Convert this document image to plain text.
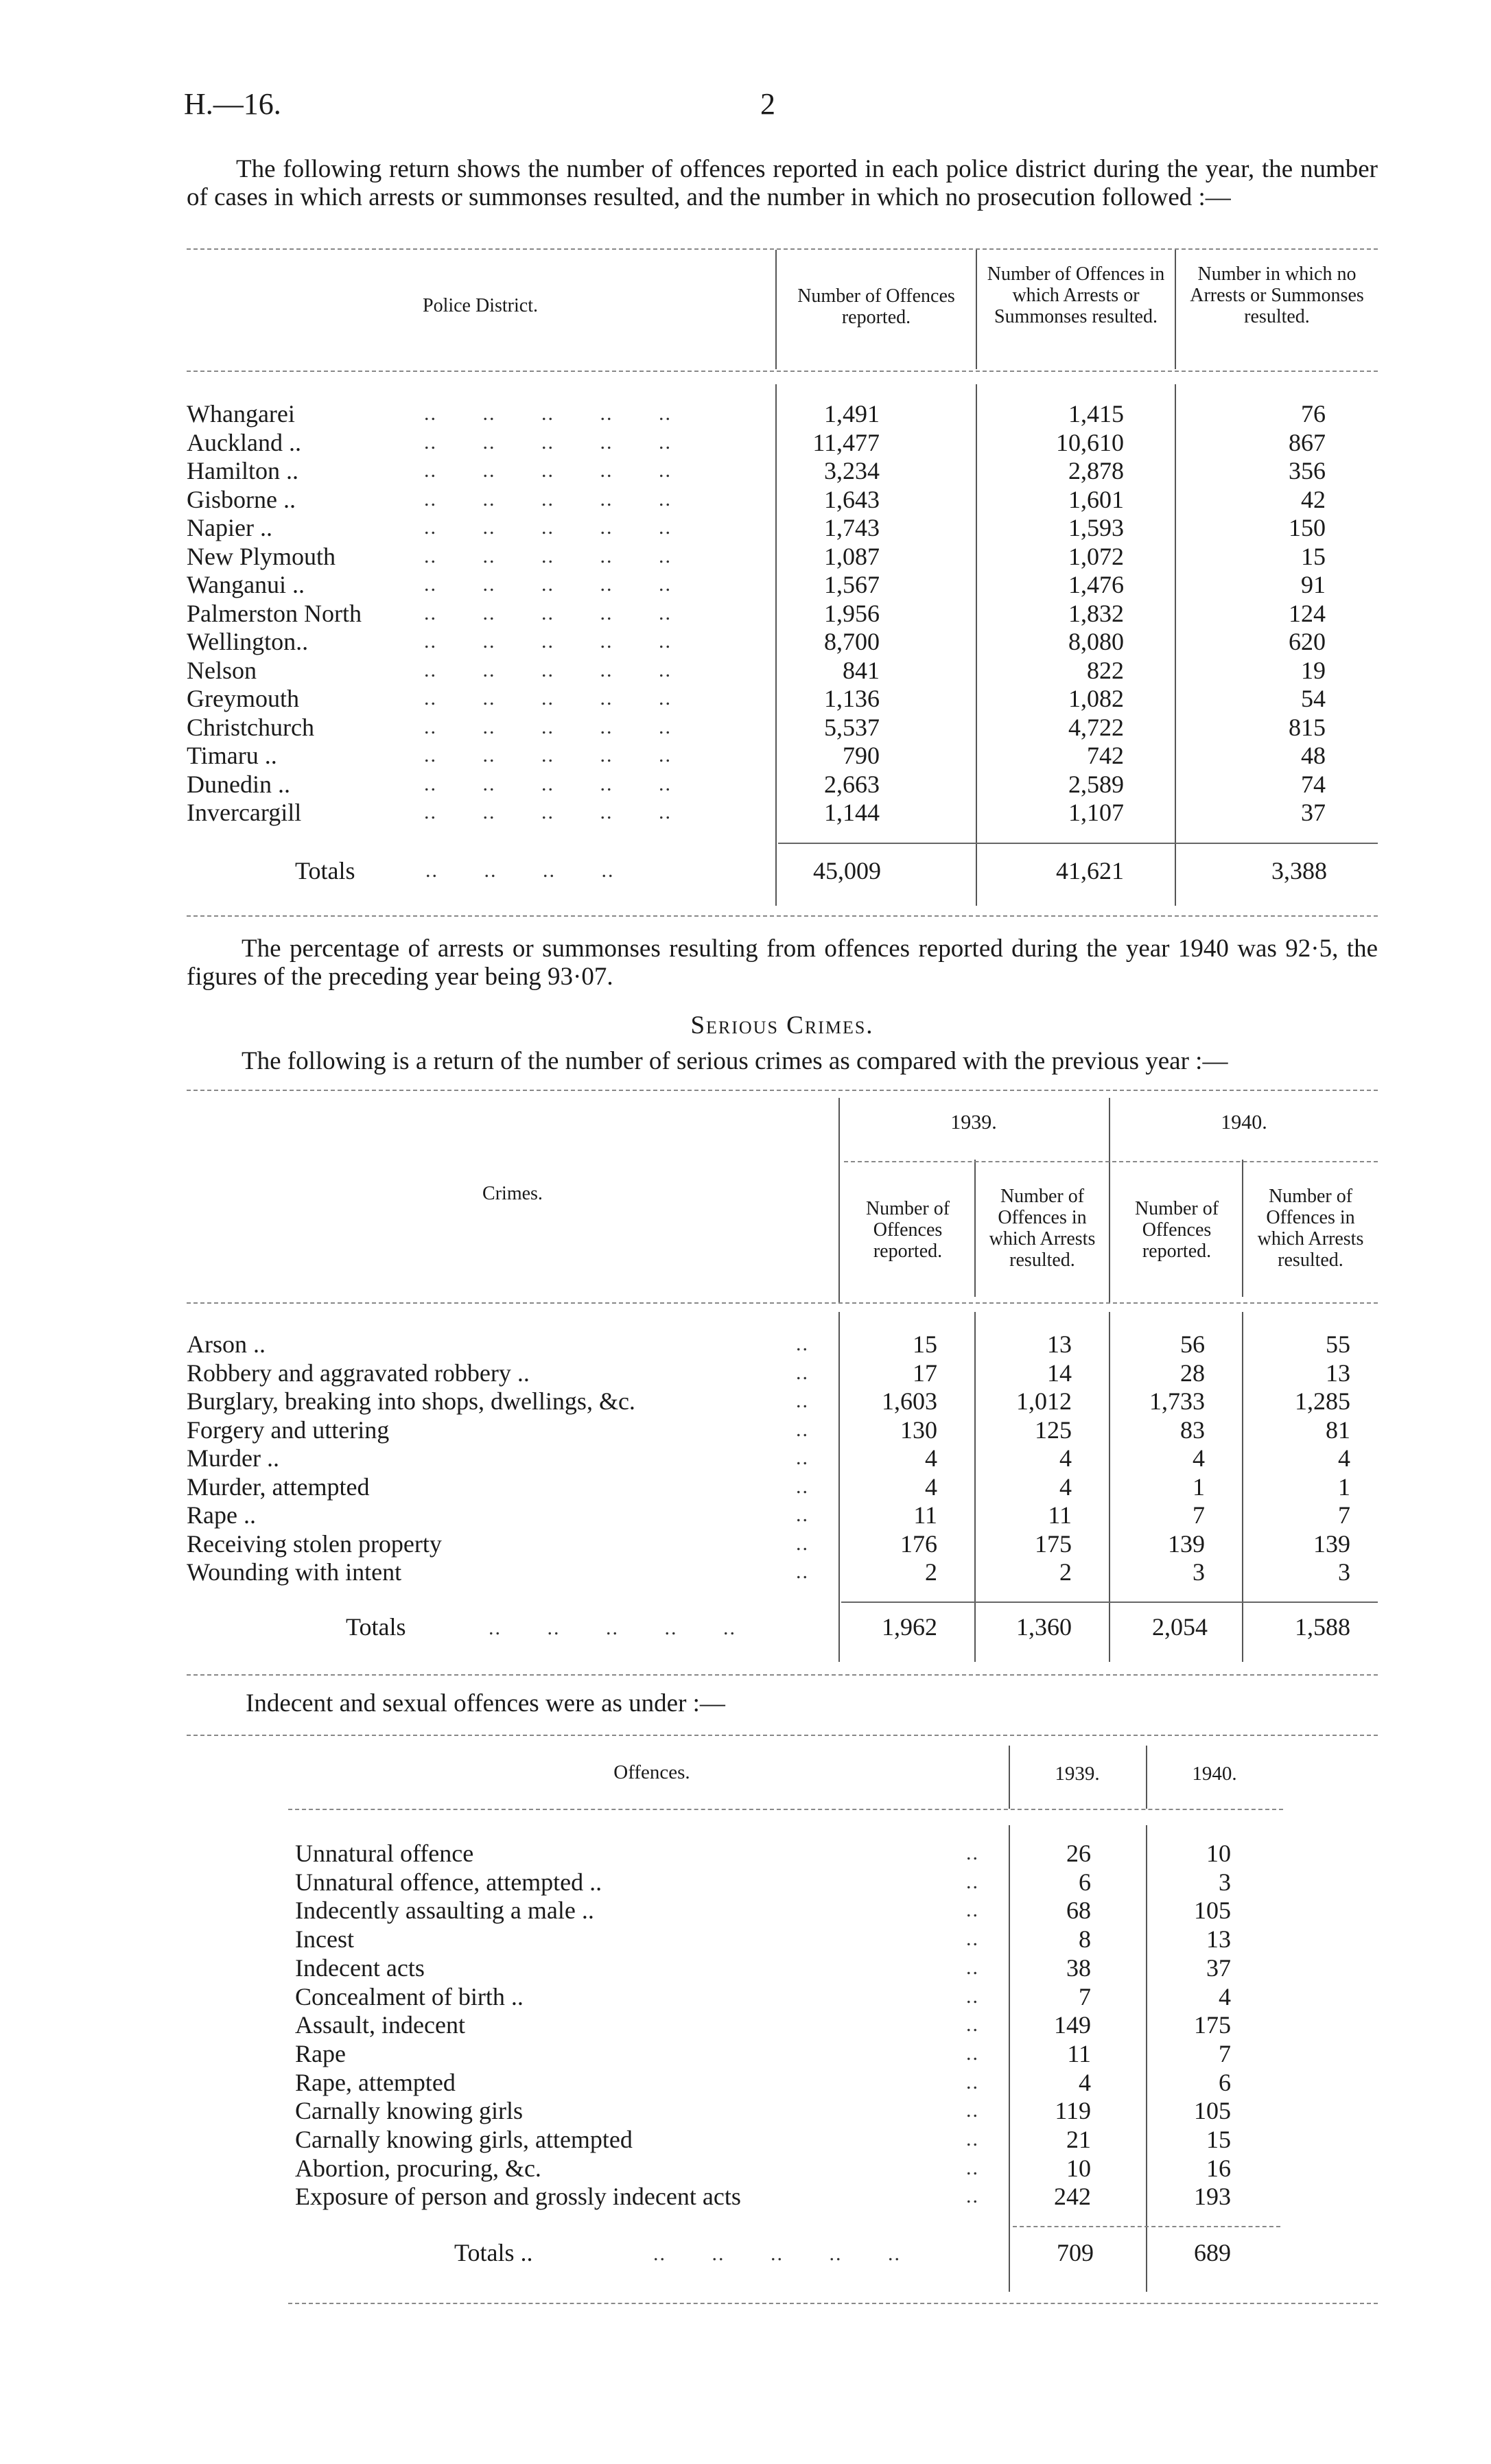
H.—16.	2
The following return shows the number of offences reported in each police district during the year, the number of cases in which arrests or summonses resulted, and the number in which no prosecution followed :—
Police District.	Number of Offences reported.
Number of Offences in which Arrests or Summonses resulted.
Number in which no Arrests or Summonses resulted.
Whangarei	..       ..       ..       ..       ..	1,491	1,415	76
Auckland ..	..       ..       ..       ..       ..	11,477	10,610	867
Hamilton ..	..       ..       ..       ..       ..	3,234	2,878	356
Gisborne ..	..       ..       ..       ..       ..	1,643	1,601	42
Napier ..	..       ..       ..       ..       ..	1,743	1,593	150
New Plymouth	..       ..       ..       ..       ..	1,087	1,072	15
Wanganui ..	..       ..       ..       ..       ..	1,567	1,476	91
Palmerston North	..       ..       ..       ..       ..	1,956	1,832	124
Wellington..	..       ..       ..       ..       ..	8,700	8,080	620
Nelson	..       ..       ..       ..       ..	841	822	19
Greymouth	..       ..       ..       ..       ..	1,136	1,082	54
Christchurch	..       ..       ..       ..       ..	5,537	4,722	815
Timaru ..	..       ..       ..       ..       ..	790	742	48
Dunedin ..	..       ..       ..       ..       ..	2,663	2,589	74
Invercargill	..       ..       ..       ..       ..	1,144	1,107	37
Totals	..       ..       ..       ..	45,009	41,621	3,388
The percentage of arrests or summonses resulting from offences reported during the year 1940 was 92·5, the figures of the preceding year being 93·07.
Serious Crimes.
The following is a return of the number of serious crimes as compared with the previous year :—
1939.	1940.
Crimes.
Number of Offences reported.
Number of Offences in which Arrests resulted.
Number of Offences reported.
Number of Offences in which Arrests resulted.
Arson ..	..	15	13	56	55
Robbery and aggravated robbery ..	..	17	14	28	13
Burglary, breaking into shops, dwellings, &c.	..	1,603	1,012	1,733	1,285
Forgery and uttering	..	130	125	83	81
Murder ..	..	4	4	4	4
Murder, attempted	..	4	4	1	1
Rape ..	..	11	11	7	7
Receiving stolen property	..	176	175	139	139
Wounding with intent	..	2	2	3	3
Totals	..       ..       ..       ..       ..	1,962	1,360	2,054	1,588
Indecent and sexual offences were as under :—
Offences.	1939.	1940.
Unnatural offence	..	26	10
Unnatural offence, attempted ..	..	6	3
Indecently assaulting a male ..	..	68	105
Incest	..	8	13
Indecent acts	..	38	37
Concealment of birth ..	..	7	4
Assault, indecent	..	149	175
Rape	..	11	7
Rape, attempted	..	4	6
Carnally knowing girls	..	119	105
Carnally knowing girls, attempted	..	21	15
Abortion, procuring, &c.	..	10	16
Exposure of person and grossly indecent acts	..	242	193
Totals ..	..       ..       ..       ..       ..	709	689
